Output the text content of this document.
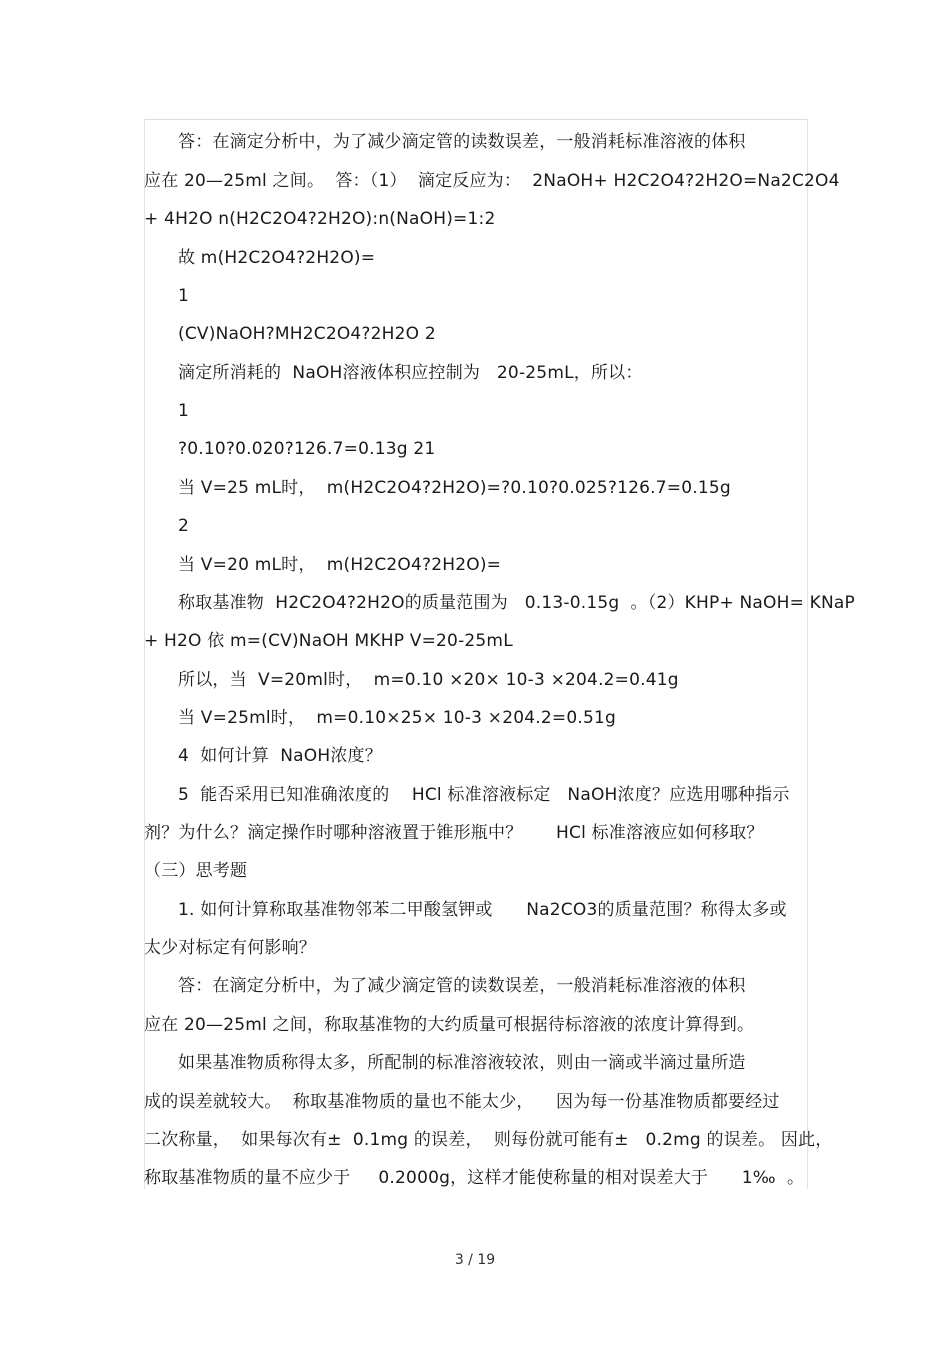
答：在滴定分析中，为了减少滴定管的读数误差，一般消耗标准溶液的体积
应在 20—25ml 之间。  答：（1）  滴定反应为：  2NaOH+ H2C2O4?2H2O=Na2C2O4
+ 4H2O n(H2C2O4?2H2O):n(NaOH)=1:2
故 m(H2C2O4?2H2O)=
1
(CV)NaOH?MH2C2O4?2H2O 2
滴定所消耗的  NaOH溶液体积应控制为   20-25mL，所以：
1
?0.10?0.020?126.7=0.13g 21
当 V=25 mL时，  m(H2C2O4?2H2O)=?0.10?0.025?126.7=0.15g
2
当 V=20 mL时，  m(H2C2O4?2H2O)=
称取基准物  H2C2O4?2H2O的质量范围为   0.13-0.15g  。（2）KHP+ NaOH= KNaP
+ H2O 依 m=(CV)NaOH MKHP V=20-25mL
所以，当  V=20ml时，  m=0.10 ×20× 10-3 ×204.2=0.41g
当 V=25ml时，  m=0.10×25× 10-3 ×204.2=0.51g
4  如何计算  NaOH浓度？
5  能否采用已知准确浓度的    HCl 标准溶液标定   NaOH浓度？应选用哪种指示
剂？为什么？滴定操作时哪种溶液置于锥形瓶中？      HCl 标准溶液应如何移取？
（三）思考题
1. 如何计算称取基准物邻苯二甲酸氢钾或      Na2CO3的质量范围？称得太多或
太少对标定有何影响？
答：在滴定分析中，为了减少滴定管的读数误差，一般消耗标准溶液的体积
应在 20—25ml 之间，称取基准物的大约质量可根据待标溶液的浓度计算得到。
如果基准物质称得太多，所配制的标准溶液较浓，则由一滴或半滴过量所造
成的误差就较大。  称取基准物质的量也不能太少，    因为每一份基准物质都要经过
二次称量，  如果每次有±  0.1mg 的误差，  则每份就可能有±   0.2mg 的误差。 因此，
称取基准物质的量不应少于     0.2000g，这样才能使称量的相对误差大于      1‰  。
3 / 19
